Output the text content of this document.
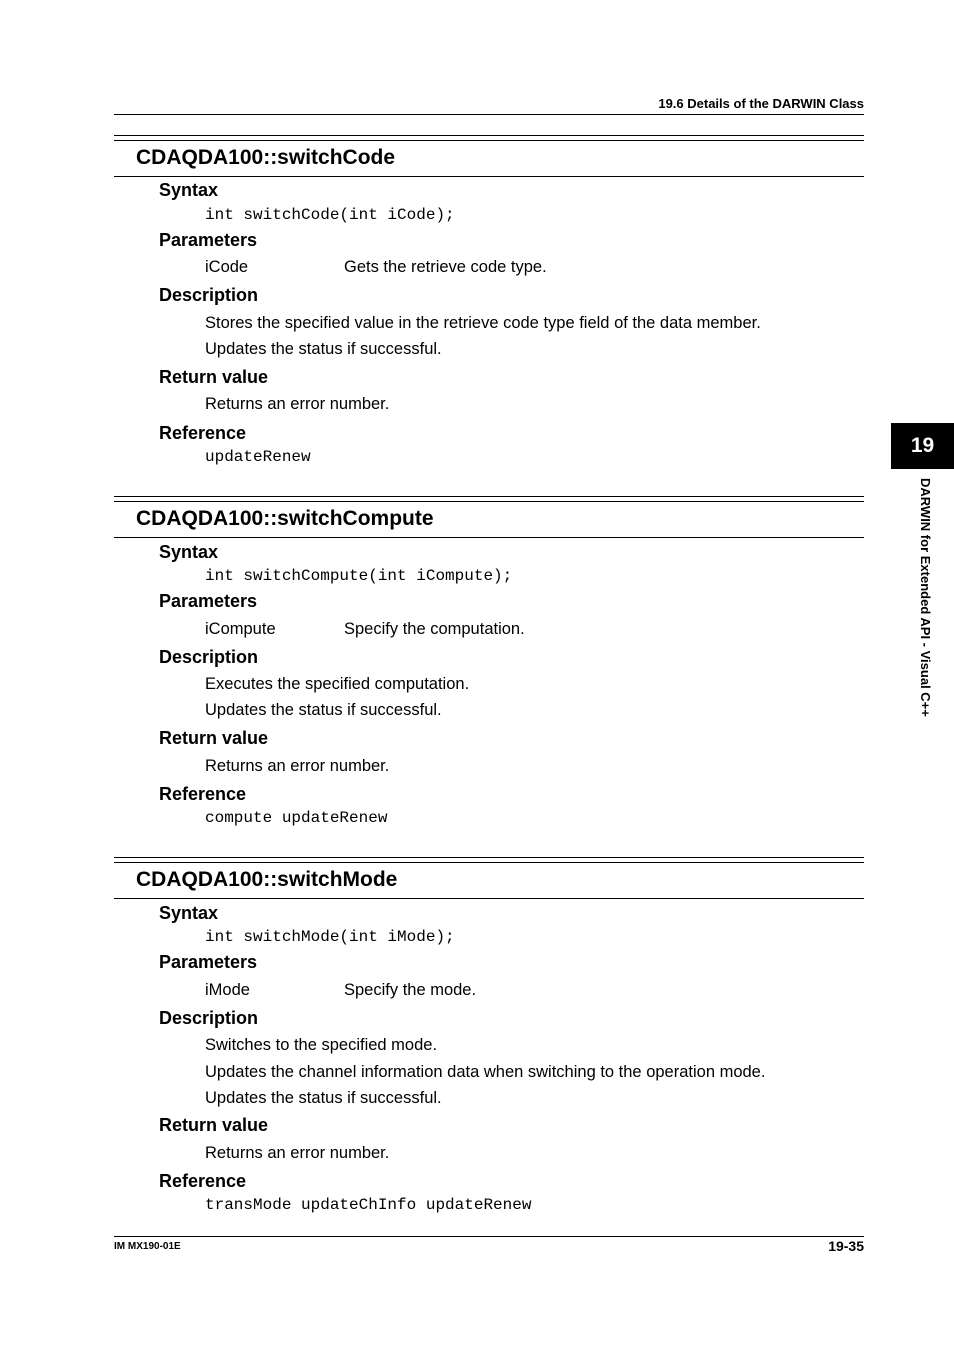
19.6 Details of the DARWIN Class
CDAQDA100::switchCode
Syntax
int switchCode(int iCode);
Parameters
iCode	Gets the retrieve code type.
Description
Stores the specified value in the retrieve code type field of the data member.
Updates the status if successful.
Return value
Returns an error number.
Reference
updateRenew
CDAQDA100::switchCompute
Syntax
int switchCompute(int iCompute);
Parameters
iCompute	Specify the computation.
Description
Executes the specified computation.
Updates the status if successful.
Return value
Returns an error number.
Reference
compute updateRenew
CDAQDA100::switchMode
Syntax
int switchMode(int iMode);
Parameters
iMode	Specify the mode.
Description
Switches to the specified mode.
Updates the channel information data when switching to the operation mode.
Updates the status if successful.
Return value
Returns an error number.
Reference
transMode updateChInfo updateRenew
19
DARWIN for Extended API - Visual C++
IM MX190-01E	19-35
